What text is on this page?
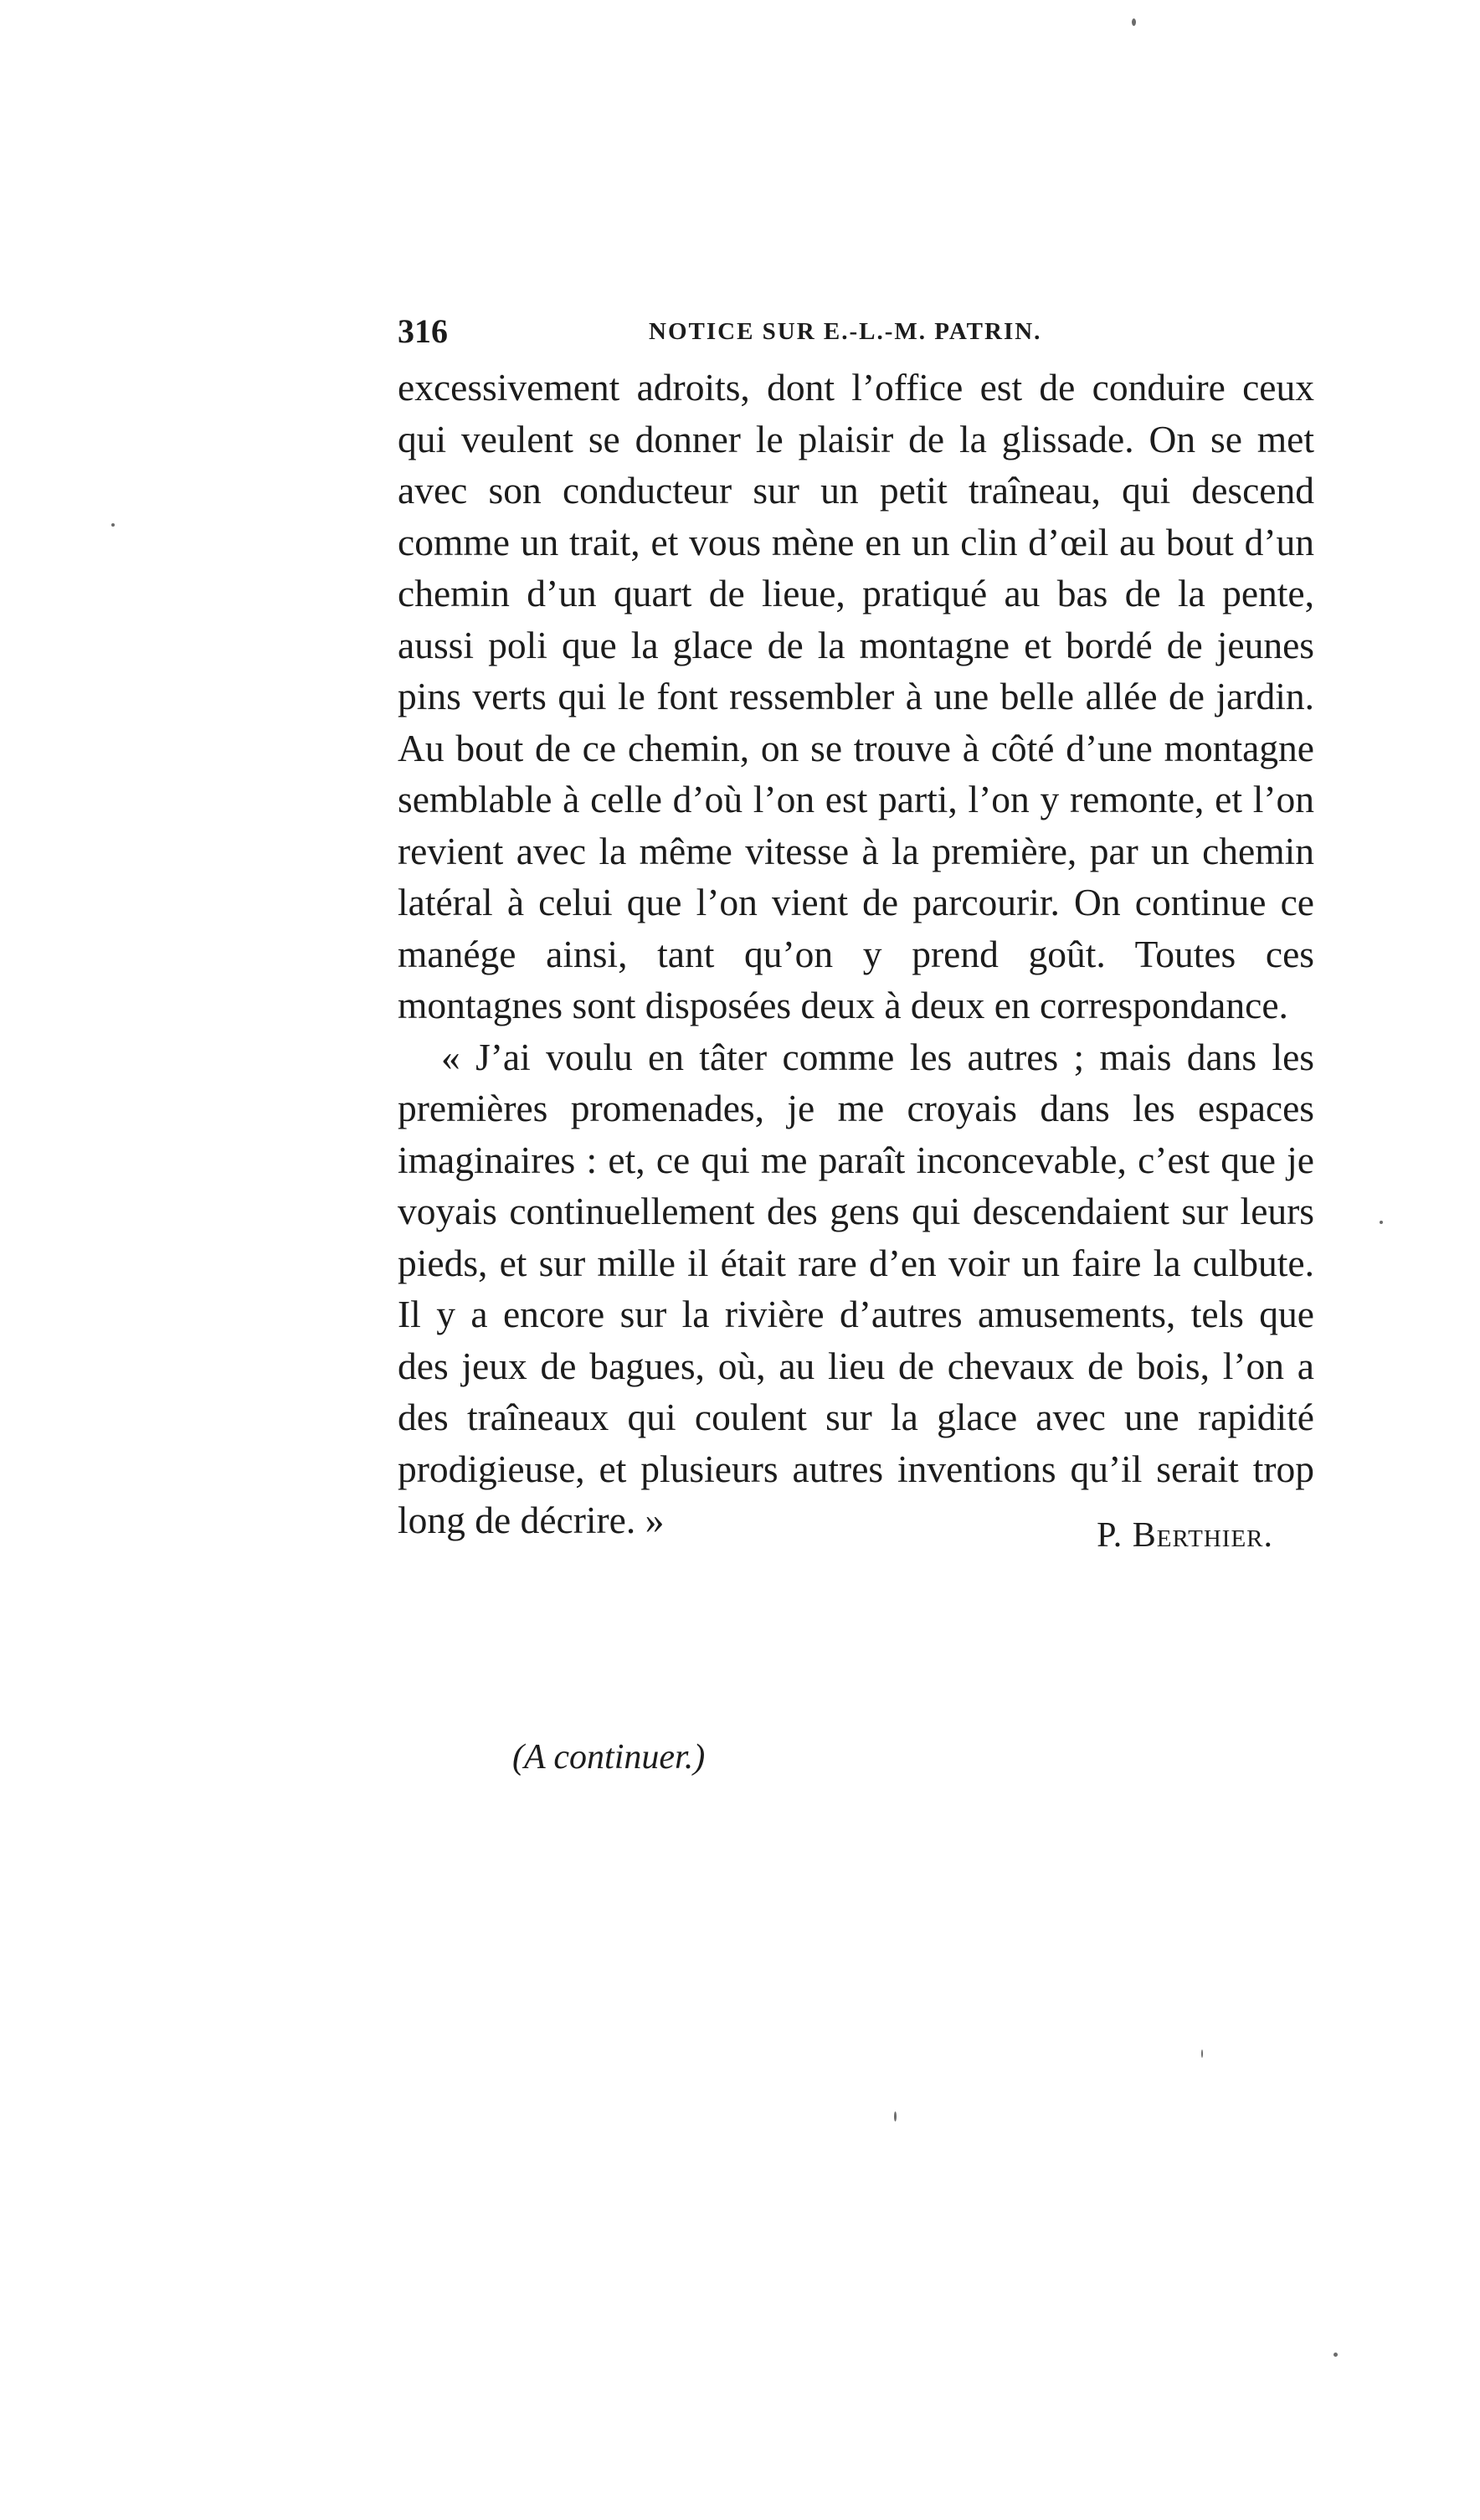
316	NOTICE SUR E.-L.-M. PATRIN.

excessivement adroits, dont l’office est de conduire ceux qui veulent se donner le plaisir de la glissade. On se met avec son conducteur sur un petit traîneau, qui descend comme un trait, et vous mène en un clin d’œil au bout d’un chemin d’un quart de lieue, pratiqué au bas de la pente, aussi poli que la glace de la montagne et bordé de jeunes pins verts qui le font ressembler à une belle allée de jardin. Au bout de ce chemin, on se trouve à côté d’une montagne semblable à celle d’où l’on est parti, l’on y remonte, et l’on revient avec la même vitesse à la première, par un chemin latéral à celui que l’on vient de parcourir. On continue ce manége ainsi, tant qu’on y prend goût. Toutes ces montagnes sont disposées deux à deux en correspondance.

« J’ai voulu en tâter comme les autres ; mais dans les premières promenades, je me croyais dans les espaces imaginaires : et, ce qui me paraît inconcevable, c’est que je voyais continuellement des gens qui descendaient sur leurs pieds, et sur mille il était rare d’en voir un faire la culbute. Il y a encore sur la rivière d’autres amusements, tels que des jeux de bagues, où, au lieu de chevaux de bois, l’on a des traîneaux qui coulent sur la glace avec une rapidité prodigieuse, et plusieurs autres inventions qu’il serait trop long de décrire. »	P. Berthier.
(A continuer.)
